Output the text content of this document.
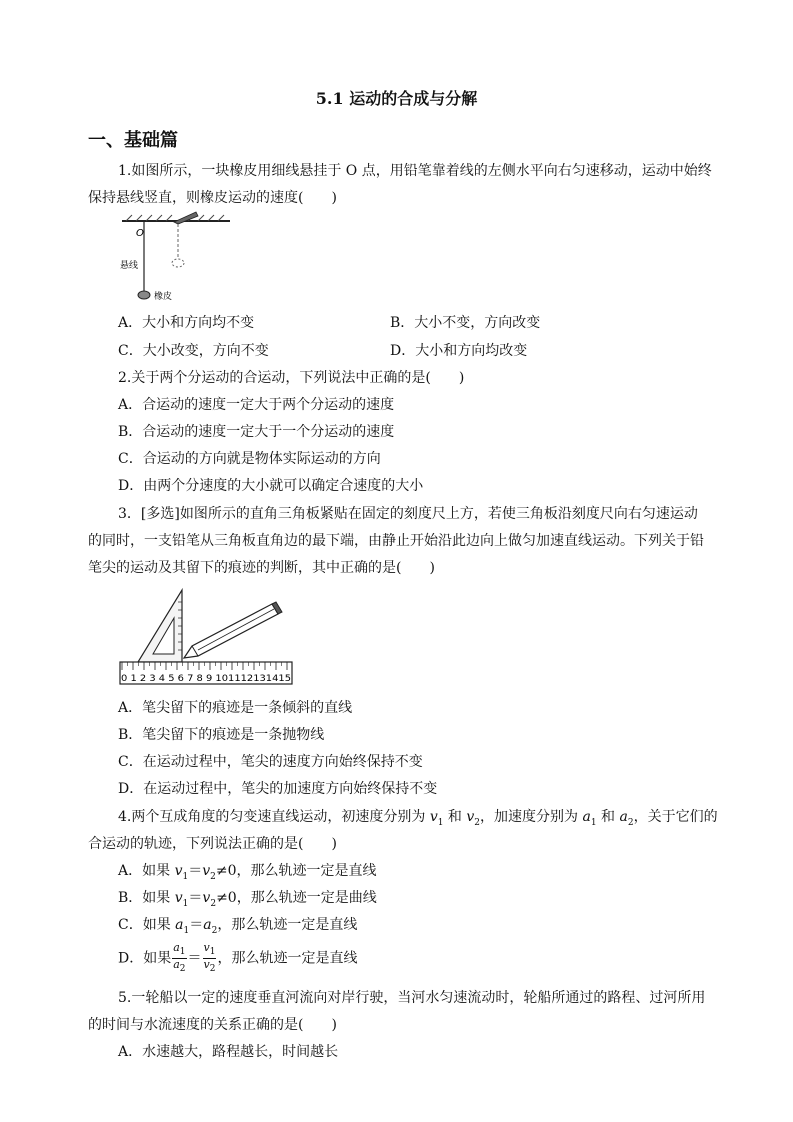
5.1 运动的合成与分解
一、基础篇
1.如图所示，一块橡皮用细线悬挂于 O 点，用铅笔靠着线的左侧水平向右匀速移动，运动中始终
保持悬线竖直，则橡皮运动的速度(　　)
O
悬线
橡皮
A．大小和方向均不变	B．大小不变，方向改变
C．大小改变，方向不变	D．大小和方向均改变
2.关于两个分运动的合运动，下列说法中正确的是(　　)
A．合运动的速度一定大于两个分运动的速度
B．合运动的速度一定大于一个分运动的速度
C．合运动的方向就是物体实际运动的方向
D．由两个分速度的大小就可以确定合速度的大小
3．[多选]如图所示的直角三角板紧贴在固定的刻度尺上方，若使三角板沿刻度尺向右匀速运动
的同时，一支铅笔从三角板直角边的最下端，由静止开始沿此边向上做匀加速直线运动。下列关于铅
笔尖的运动及其留下的痕迹的判断，其中正确的是(　　)
0 1 2 3 4 5 6 7 8 9 101112131415
A．笔尖留下的痕迹是一条倾斜的直线
B．笔尖留下的痕迹是一条抛物线
C．在运动过程中，笔尖的速度方向始终保持不变
D．在运动过程中，笔尖的加速度方向始终保持不变
4.两个互成角度的匀变速直线运动，初速度分别为 $v_1$ 和 $v_2$，加速度分别为 $a_1$ 和 $a_2$，关于它们的
合运动的轨迹，下列说法正确的是(　　)
A．如果 $v_1=v_2\ne 0$，那么轨迹一定是直线
B．如果 $v_1=v_2\ne 0$，那么轨迹一定是曲线
C．如果 $a_1=a_2$，那么轨迹一定是直线
D．如果 $\frac{a_1}{a_2} = \frac{v_1}{v_2}$ ，那么轨迹一定是直线
5.一轮船以一定的速度垂直河流向对岸行驶，当河水匀速流动时，轮船所通过的路程、过河所用
的时间与水流速度的关系正确的是(　　)
A．水速越大，路程越长，时间越长
